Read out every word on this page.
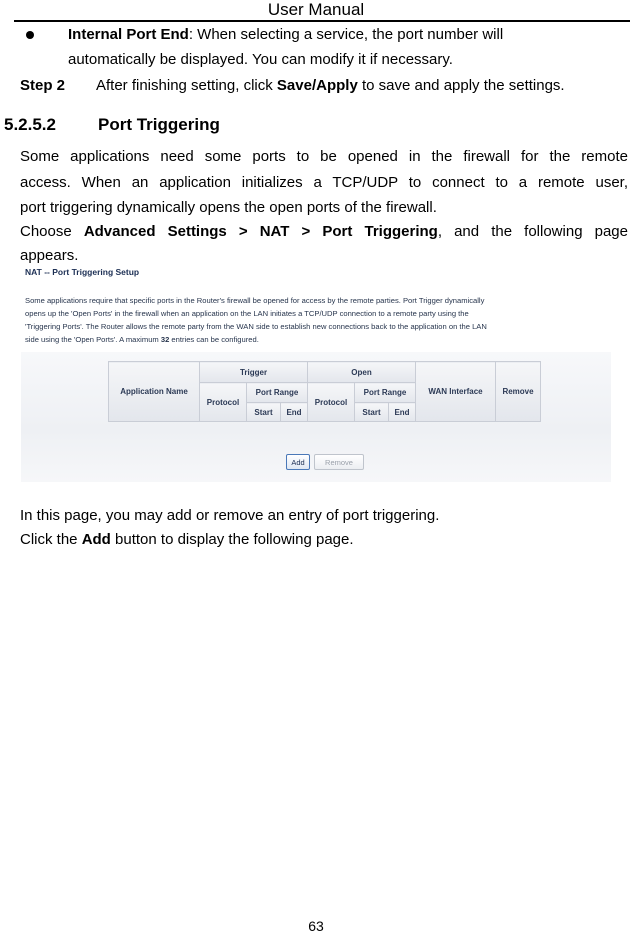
User Manual
Internal Port End: When selecting a service, the port number will
automatically be displayed. You can modify it if necessary.
Step 2 After finishing setting, click Save/Apply to save and apply the settings.
5.2.5.2 Port Triggering
Some applications need some ports to be opened in the firewall for the remote
access. When an application initializes a TCP/UDP to connect to a remote user,
port triggering dynamically opens the open ports of the firewall.
Choose Advanced Settings > NAT > Port Triggering, and the following page
appears.
NAT -- Port Triggering Setup
Some applications require that specific ports in the Router's firewall be opened for access by the remote parties. Port Trigger dynamically
opens up the 'Open Ports' in the firewall when an application on the LAN initiates a TCP/UDP connection to a remote party using the
'Triggering Ports'. The Router allows the remote party from the WAN side to establish new connections back to the application on the LAN
side using the 'Open Ports'. A maximum 32 entries can be configured.
Application Name	Trigger			Open			WAN Interface	Remove
	Protocol	Port Range		Protocol	Port Range			
		Start	End		Start	End		
Add	Remove
In this page, you may add or remove an entry of port triggering.
Click the Add button to display the following page.
63
